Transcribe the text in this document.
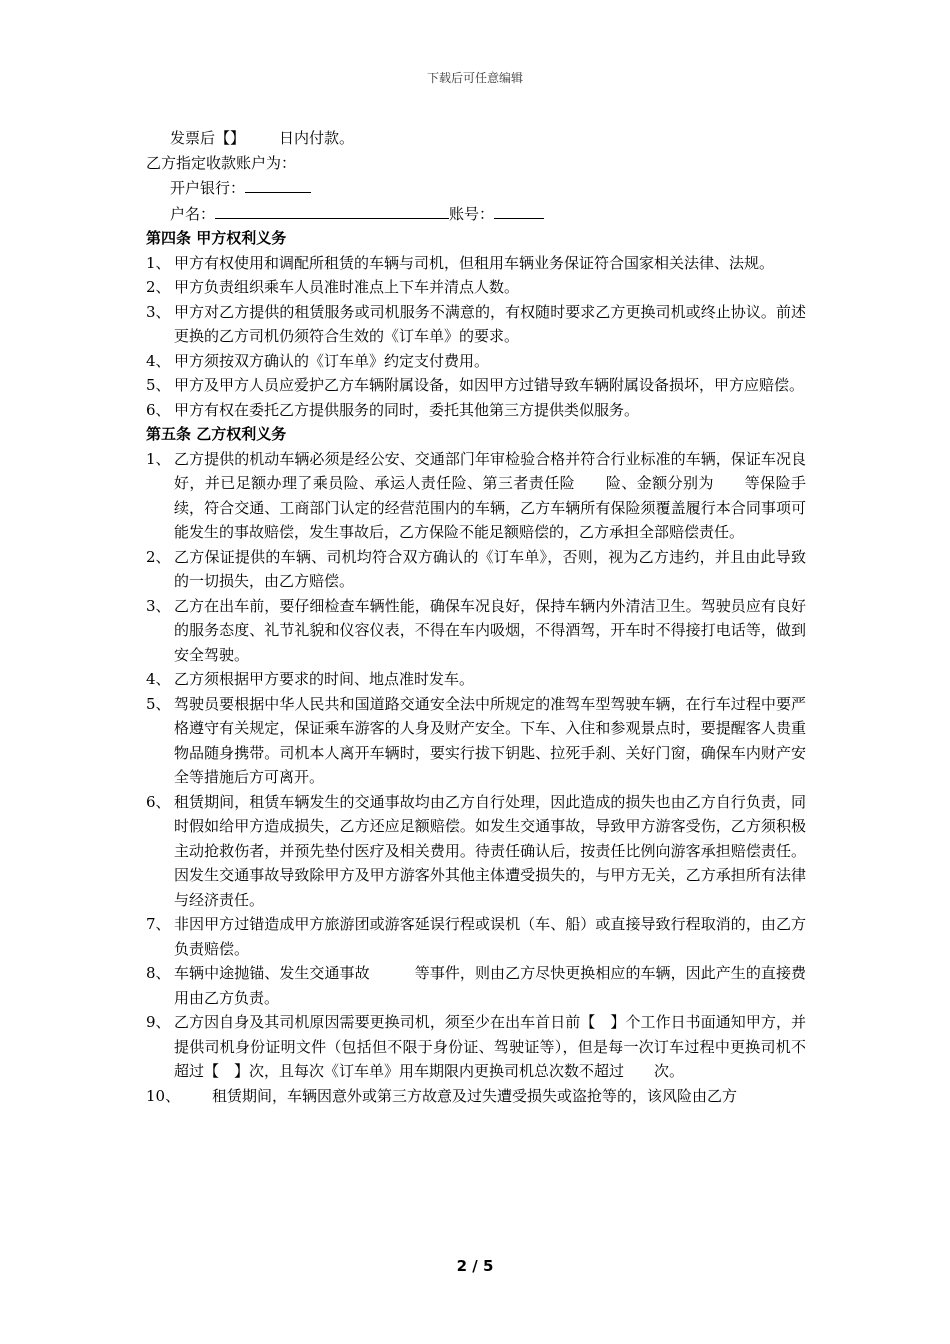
下载后可任意编辑
发票后【】 日内付款。
乙方指定收款账户为：
开户银行：
户名：	账号：
第四条 甲方权利义务
1、 甲方有权使用和调配所租赁的车辆与司机，但租用车辆业务保证符合国家相关法律、法规。
2、 甲方负责组织乘车人员准时准点上下车并清点人数。
3、 甲方对乙方提供的租赁服务或司机服务不满意的，有权随时要求乙方更换司机或终止协议。前述更换的乙方司机仍须符合生效的《订车单》的要求。
4、 甲方须按双方确认的《订车单》约定支付费用。
5、 甲方及甲方人员应爱护乙方车辆附属设备，如因甲方过错导致车辆附属设备损坏，甲方应赔偿。
6、 甲方有权在委托乙方提供服务的同时，委托其他第三方提供类似服务。
第五条 乙方权利义务
1、 乙方提供的机动车辆必须是经公安、交通部门年审检验合格并符合行业标准的车辆，保证车况良好，并已足额办理了乘员险、承运人责任险、第三者责任险　　险、金额分别为　　等保险手续，符合交通、工商部门认定的经营范围内的车辆，乙方车辆所有保险须覆盖履行本合同事项可能发生的事故赔偿，发生事故后，乙方保险不能足额赔偿的，乙方承担全部赔偿责任。
2、 乙方保证提供的车辆、司机均符合双方确认的《订车单》，否则，视为乙方违约，并且由此导致的一切损失，由乙方赔偿。
3、 乙方在出车前，要仔细检查车辆性能，确保车况良好，保持车辆内外清洁卫生。驾驶员应有良好的服务态度、礼节礼貌和仪容仪表，不得在车内吸烟，不得酒驾，开车时不得接打电话等，做到安全驾驶。
4、 乙方须根据甲方要求的时间、地点准时发车。
5、 驾驶员要根据中华人民共和国道路交通安全法中所规定的准驾车型驾驶车辆，在行车过程中要严格遵守有关规定，保证乘车游客的人身及财产安全。下车、入住和参观景点时，要提醒客人贵重物品随身携带。司机本人离开车辆时，要实行拔下钥匙、拉死手刹、关好门窗，确保车内财产安全等措施后方可离开。
6、 租赁期间，租赁车辆发生的交通事故均由乙方自行处理，因此造成的损失也由乙方自行负责，同时假如给甲方造成损失，乙方还应足额赔偿。如发生交通事故，导致甲方游客受伤，乙方须积极主动抢救伤者，并预先垫付医疗及相关费用。待责任确认后，按责任比例向游客承担赔偿责任。因发生交通事故导致除甲方及甲方游客外其他主体遭受损失的，与甲方无关，乙方承担所有法律与经济责任。
7、 非因甲方过错造成甲方旅游团或游客延误行程或误机（车、船）或直接导致行程取消的，由乙方负责赔偿。
8、 车辆中途抛锚、发生交通事故　　　等事件，则由乙方尽快更换相应的车辆，因此产生的直接费用由乙方负责。
9、 乙方因自身及其司机原因需要更换司机，须至少在出车首日前【　】个工作日书面通知甲方，并提供司机身份证明文件（包括但不限于身份证、驾驶证等），但是每一次订车过程中更换司机不超过【　】次，且每次《订车单》用车期限内更换司机总次数不超过　　次。
10、	租赁期间，车辆因意外或第三方故意及过失遭受损失或盗抢等的，该风险由乙方
2 / 5
